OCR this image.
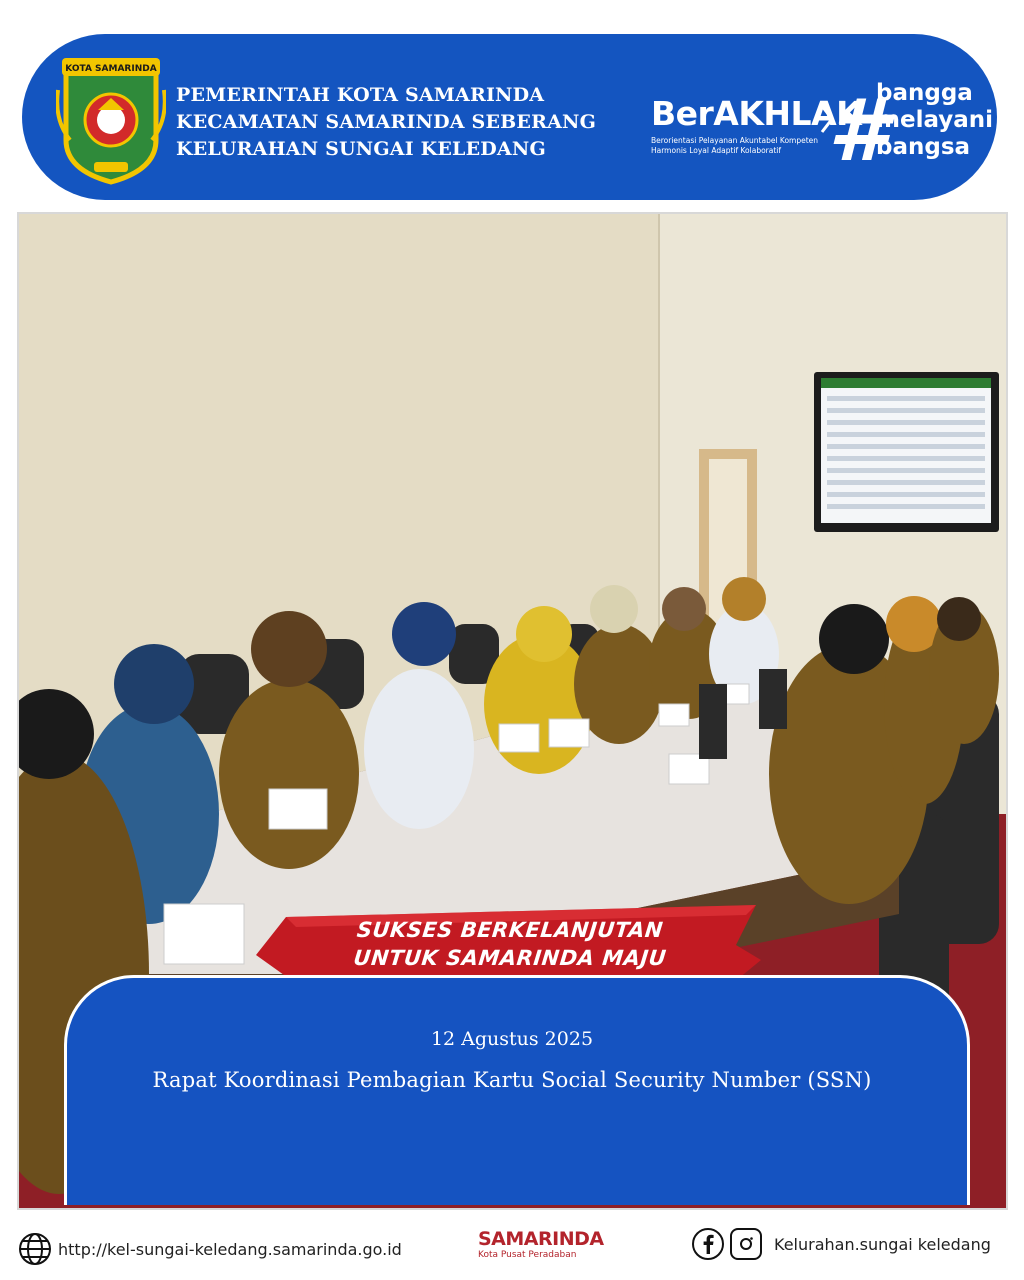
KOTA SAMARINDA
PEMERINTAH KOTA SAMARINDA
KECAMATAN SAMARINDA SEBERANG
KELURAHAN SUNGAI KELEDANG
BerAKHLAK
Berorientasi Pelayanan Akuntabel Kompeten
Harmonis Loyal Adaptif Kolaboratif #
bangga
melayani
bangsa
SUKSES BERKELANJUTAN
UNTUK SAMARINDA MAJU
12 Agustus 2025
Rapat Koordinasi Pembagian Kartu Social Security Number (SSN)
http://kel-sungai-keledang.samarinda.go.id	SAMARINDA
Kota Pusat Peradaban
Kelurahan.sungai keledang
